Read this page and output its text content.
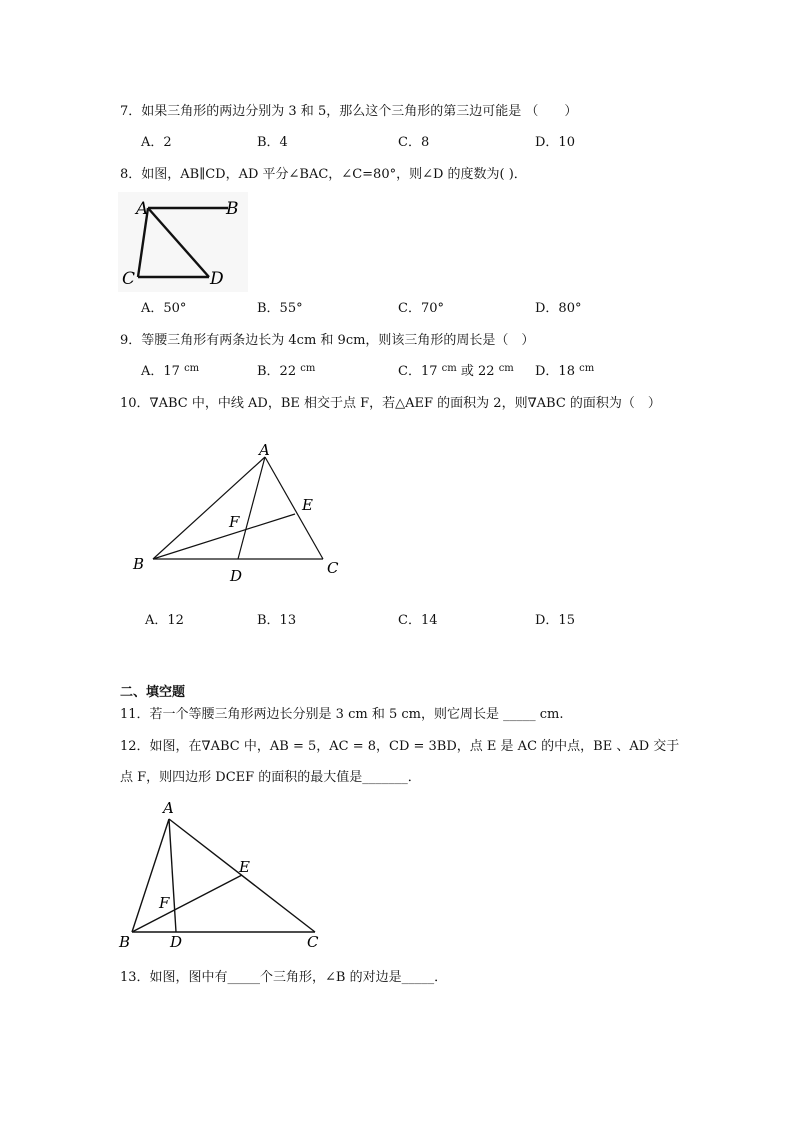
7．如果三角形的两边分别为 3 和 5，那么这个三角形的第三边可能是 （　　）
A．2	B．4	C．8	D．10
8．如图，AB∥CD，AD 平分∠BAC，∠C=80°，则∠D 的度数为( )．
A	B
C	D
A．50°	B．55°	C．70°	D．80°
9．等腰三角形有两条边长为 4cm 和 9cm，则该三角形的周长是（　）
A．17 $^{cm}$	B．22 $^{cm}$	C．17 $^{cm}$ 或 22 $^{cm}$ D．18 $^{cm}$
10．∇ABC 中，中线 AD，BE 相交于点 F，若△AEF 的面积为 2，则∇ABC 的面积为（　）
A
B	C
D
E
F
A．12	B．13	C．14	D．15
二、填空题
11．若一个等腰三角形两边长分别是 3 cm 和 5 cm，则它周长是 _____ cm.
12．如图，在∇ABC 中，AB = 5，AC = 8，CD = 3BD，点 E 是 AC 的中点，BE 、AD 交于
点 F，则四边形 DCEF 的面积的最大值是_______．
A
B	C
D
E
F
13．如图，图中有_____个三角形，∠B 的对边是_____．
